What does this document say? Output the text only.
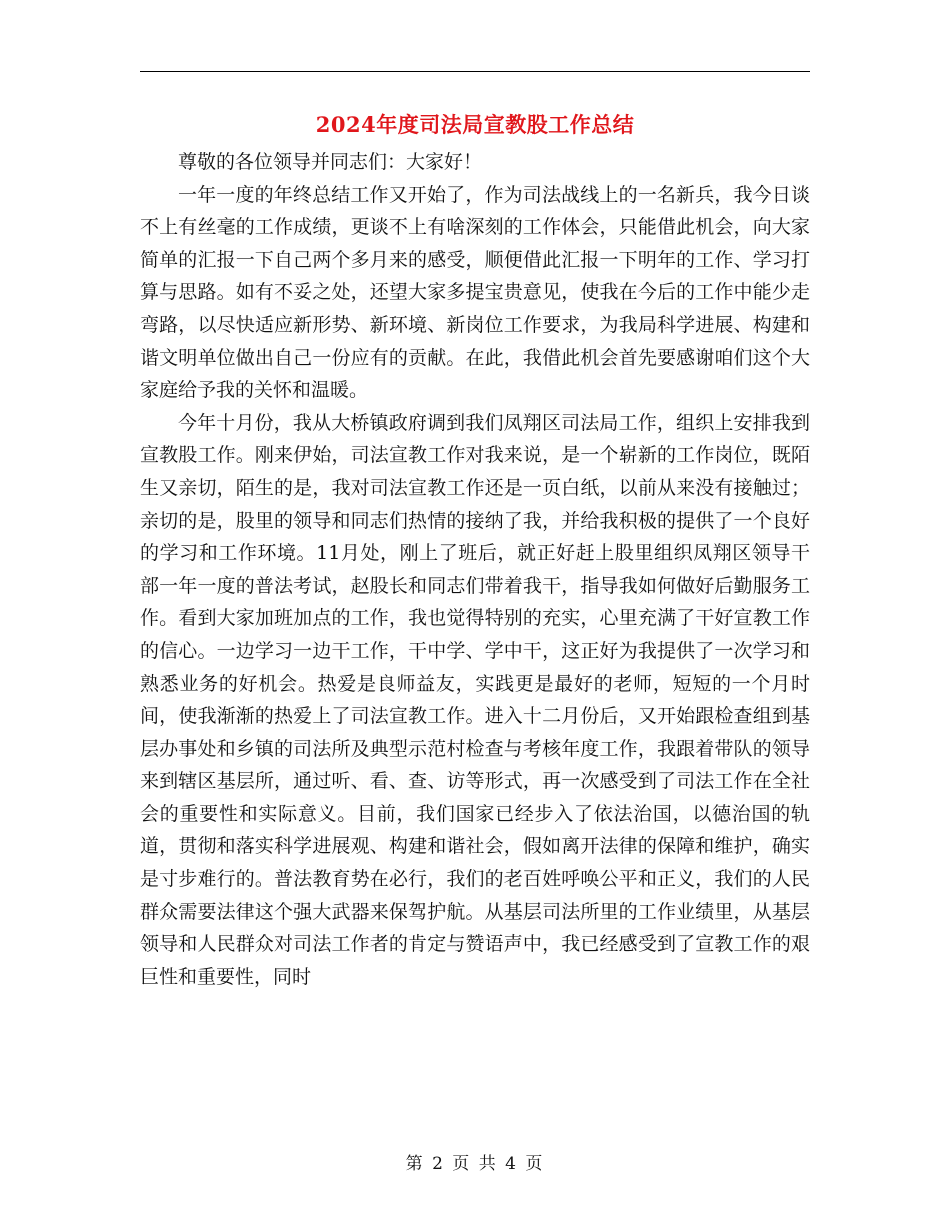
2024年度司法局宣教股工作总结

尊敬的各位领导并同志们：大家好！

一年一度的年终总结工作又开始了，作为司法战线上的一名新兵，我今日谈不上有丝毫的工作成绩，更谈不上有啥深刻的工作体会，只能借此机会，向大家简单的汇报一下自己两个多月来的感受，顺便借此汇报一下明年的工作、学习打算与思路。如有不妥之处，还望大家多提宝贵意见，使我在今后的工作中能少走弯路，以尽快适应新形势、新环境、新岗位工作要求，为我局科学进展、构建和谐文明单位做出自己一份应有的贡献。在此，我借此机会首先要感谢咱们这个大家庭给予我的关怀和温暖。

今年十月份，我从大桥镇政府调到我们凤翔区司法局工作，组织上安排我到宣教股工作。刚来伊始，司法宣教工作对我来说，是一个崭新的工作岗位，既陌生又亲切，陌生的是，我对司法宣教工作还是一页白纸，以前从来没有接触过；亲切的是，股里的领导和同志们热情的接纳了我，并给我积极的提供了一个良好的学习和工作环境。11月处，刚上了班后，就正好赶上股里组织凤翔区领导干部一年一度的普法考试，赵股长和同志们带着我干，指导我如何做好后勤服务工作。看到大家加班加点的工作，我也觉得特别的充实，心里充满了干好宣教工作的信心。一边学习一边干工作，干中学、学中干，这正好为我提供了一次学习和熟悉业务的好机会。热爱是良师益友，实践更是最好的老师，短短的一个月时间，使我渐渐的热爱上了司法宣教工作。进入十二月份后，又开始跟检查组到基层办事处和乡镇的司法所及典型示范村检查与考核年度工作，我跟着带队的领导来到辖区基层所，通过听、看、查、访等形式，再一次感受到了司法工作在全社会的重要性和实际意义。目前，我们国家已经步入了依法治国，以德治国的轨道，贯彻和落实科学进展观、构建和谐社会，假如离开法律的保障和维护，确实是寸步难行的。普法教育势在必行，我们的老百姓呼唤公平和正义，我们的人民群众需要法律这个强大武器来保驾护航。从基层司法所里的工作业绩里，从基层领导和人民群众对司法工作者的肯定与赞语声中，我已经感受到了宣教工作的艰巨性和重要性，同时

第 2 页 共 4 页
